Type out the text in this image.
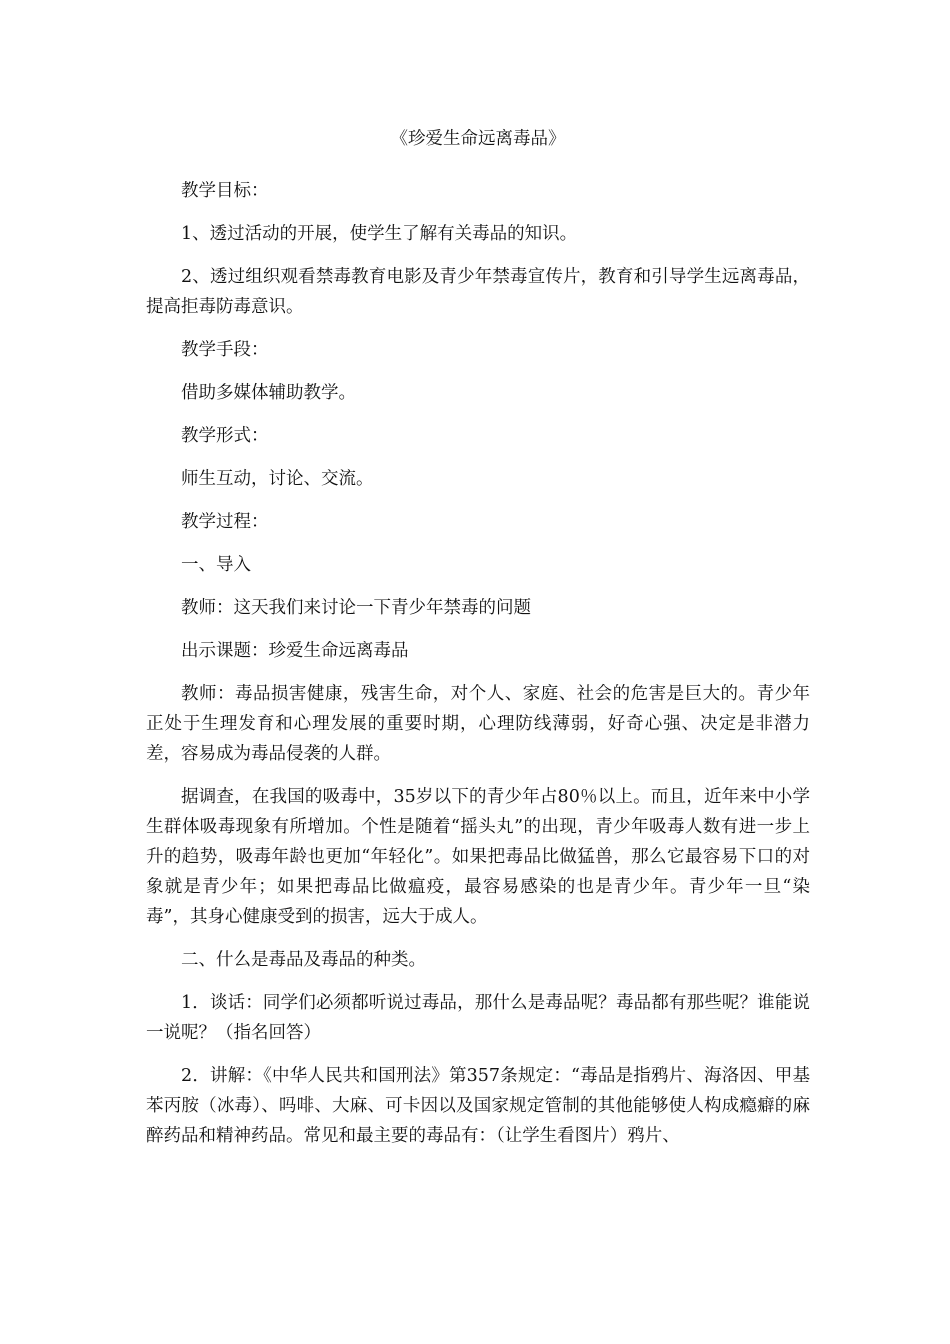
《珍爱生命远离毒品》

教学目标：

1、透过活动的开展，使学生了解有关毒品的知识。

2、透过组织观看禁毒教育电影及青少年禁毒宣传片，教育和引导学生远离毒品，提高拒毒防毒意识。

教学手段：

借助多媒体辅助教学。

教学形式：

师生互动，讨论、交流。

教学过程：

一、导入

教师：这天我们来讨论一下青少年禁毒的问题

出示课题：珍爱生命远离毒品

教师：毒品损害健康，残害生命，对个人、家庭、社会的危害是巨大的。青少年正处于生理发育和心理发展的重要时期，心理防线薄弱，好奇心强、决定是非潜力差，容易成为毒品侵袭的人群。

据调查，在我国的吸毒中，35岁以下的青少年占80％以上。而且，近年来中小学生群体吸毒现象有所增加。个性是随着“摇头丸”的出现，青少年吸毒人数有进一步上升的趋势，吸毒年龄也更加“年轻化”。如果把毒品比做猛兽，那么它最容易下口的对象就是青少年；如果把毒品比做瘟疫，最容易感染的也是青少年。青少年一旦“染毒”，其身心健康受到的损害，远大于成人。

二、什么是毒品及毒品的种类。

1．谈话：同学们必须都听说过毒品，那什么是毒品呢？毒品都有那些呢？谁能说一说呢？（指名回答）

2．讲解：《中华人民共和国刑法》第357条规定：“毒品是指鸦片、海洛因、甲基苯丙胺（冰毒）、吗啡、大麻、可卡因以及国家规定管制的其他能够使人构成瘾癖的麻醉药品和精神药品。常见和最主要的毒品有：（让学生看图片）鸦片、
